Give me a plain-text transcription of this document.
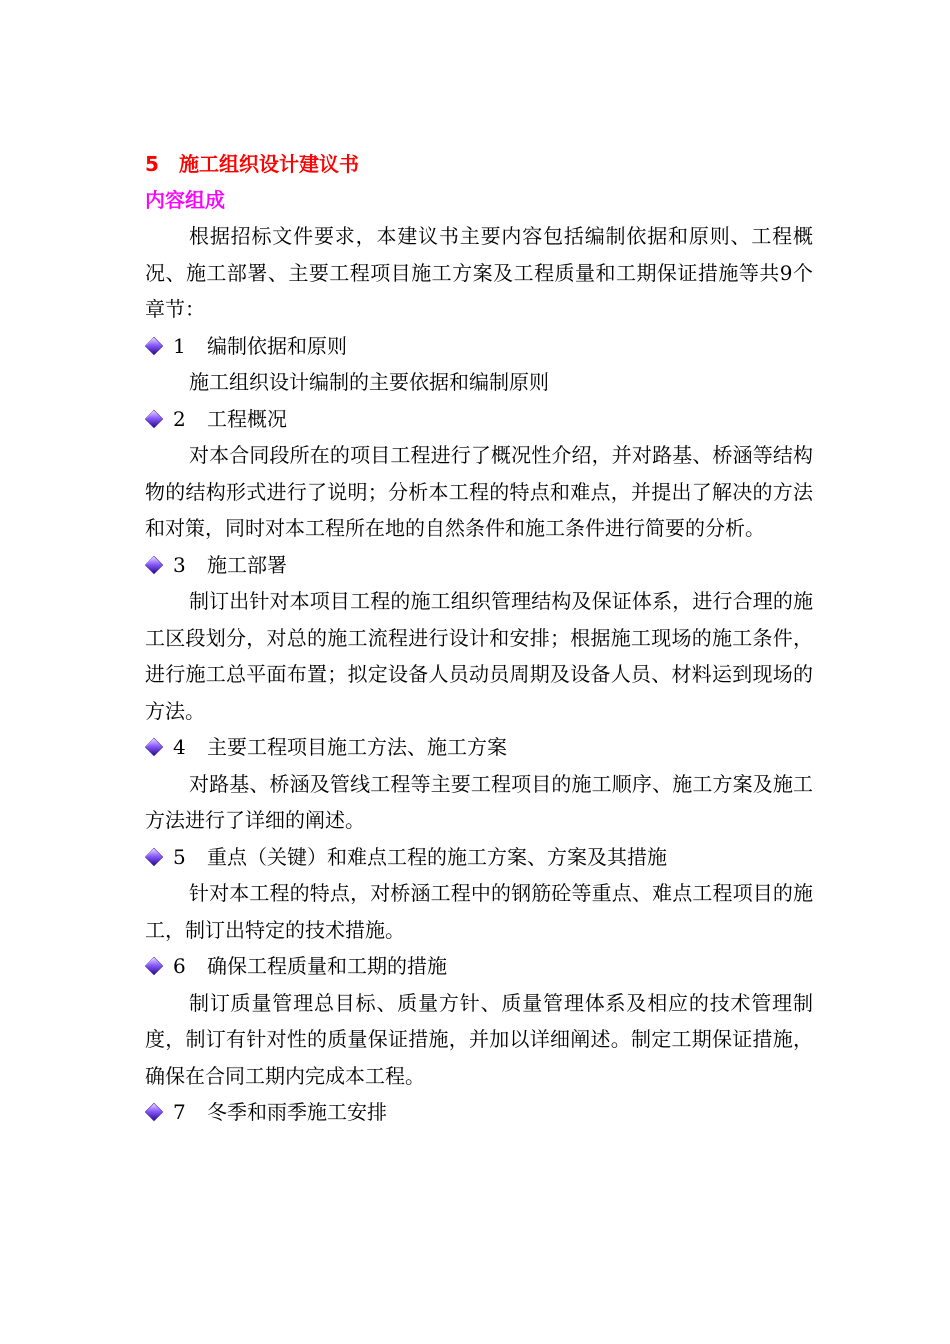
5 施工组织设计建议书
内容组成

根据招标文件要求，本建议书主要内容包括编制依据和原则、工程概况、施工部署、主要工程项目施工方案及工程质量和工期保证措施等共9个章节：

1	编制依据和原则

施工组织设计编制的主要依据和编制原则

2	工程概况

对本合同段所在的项目工程进行了概况性介绍，并对路基、桥涵等结构物的结构形式进行了说明；分析本工程的特点和难点，并提出了解决的方法和对策，同时对本工程所在地的自然条件和施工条件进行简要的分析。

3	施工部署

制订出针对本项目工程的施工组织管理结构及保证体系，进行合理的施工区段划分，对总的施工流程进行设计和安排；根据施工现场的施工条件，进行施工总平面布置；拟定设备人员动员周期及设备人员、材料运到现场的方法。

4	主要工程项目施工方法、施工方案

对路基、桥涵及管线工程等主要工程项目的施工顺序、施工方案及施工方法进行了详细的阐述。

5	重点（关键）和难点工程的施工方案、方案及其措施

针对本工程的特点，对桥涵工程中的钢筋砼等重点、难点工程项目的施工，制订出特定的技术措施。

6	确保工程质量和工期的措施

制订质量管理总目标、质量方针、质量管理体系及相应的技术管理制度，制订有针对性的质量保证措施，并加以详细阐述。制定工期保证措施，确保在合同工期内完成本工程。

7	冬季和雨季施工安排
